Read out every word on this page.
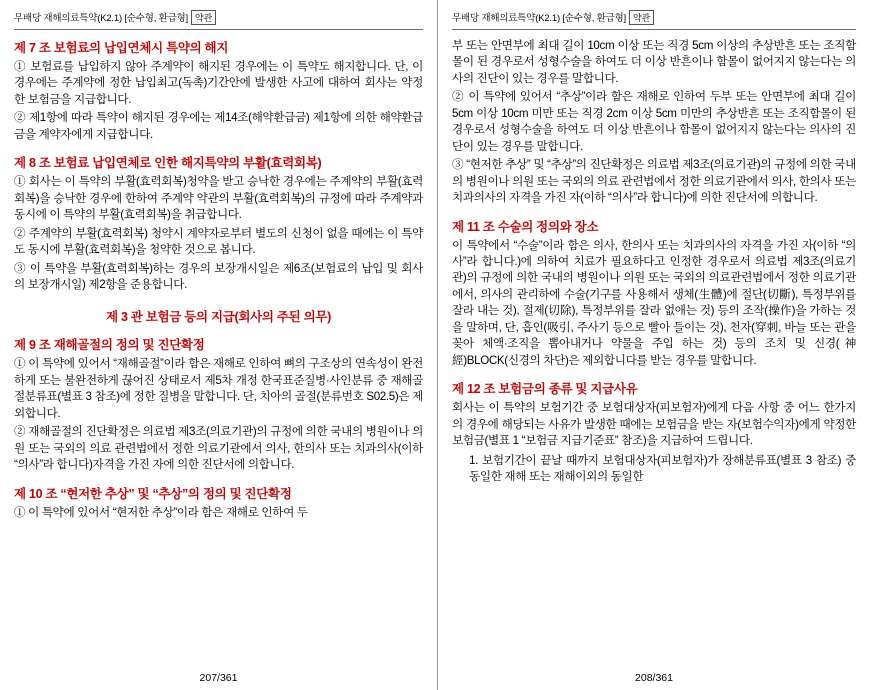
무배당 재해의료특약(K2.1) [순수형, 환급형] 약관
제 7 조 보험료의 납입연체시 특약의 해지

① 보험료를 납입하지 않아 주계약이 해지된 경우에는 이 특약도 해지합니다. 단, 이 경우에는 주계약에 정한 납입최고(독촉)기간안에 발생한 사고에 대하여 회사는 약정한 보험금을 지급합니다.

② 제1항에 따라 특약이 해지된 경우에는 제14조(해약환급금) 제1항에 의한 해약환급금을 계약자에게 지급합니다.

제 8 조 보험료 납입연체로 인한 해지특약의 부활(효력회복)

① 회사는 이 특약의 부활(효력회복)청약을 받고 승낙한 경우에는 주계약의 부활(효력회복)을 승낙한 경우에 한하여 주계약 약관의 부활(효력회복)의 규정에 따라 주계약과 동시에 이 특약의 부활(효력회복)을 취급합니다.

② 주계약의 부활(효력회복) 청약시 계약자로부터 별도의 신청이 없을 때에는 이 특약도 동시에 부활(효력회복)을 청약한 것으로 봅니다.

③ 이 특약을 부활(효력회복)하는 경우의 보장개시일은 제6조(보험료의 납입 및 회사의 보장개시일) 제2항을 준용합니다.

제 3 관 보험금 등의 지급(회사의 주된 의무)
제 9 조 재해골절의 정의 및 진단확정

① 이 특약에 있어서 “재해골절”이라 함은 재해로 인하여 뼈의 구조상의 연속성이 완전하게 또는 불완전하게 끊어진 상태로서 제5차 개정 한국표준질병·사인분류 중 재해골절분류표(별표 3 참조)에 정한 질병을 말합니다. 단, 치아의 골절(분류번호 S02.5)은 제외합니다.

② 재해골절의 진단확정은 의료법 제3조(의료기관)의 규정에 의한 국내의 병원이나 의원 또는 국외의 의료 관련법에서 정한 의료기관에서 의사, 한의사 또는 치과의사(이하 “의사”라 합니다)자격을 가진 자에 의한 진단서에 의합니다.

제 10 조 “현저한 추상” 및 “추상”의 정의 및 진단확정

① 이 특약에 있어서 “현저한 추상”이라 함은 재해로 인하여 두

207/361
무배당 재해의료특약(K2.1) [순수형, 환급형] 약관

부 또는 안면부에 최대 길이 10cm 이상 또는 직경 5cm 이상의 추상반흔 또는 조직함몰이 된 경우로서 성형수술을 하여도 더 이상 반흔이나 함몰이 없어지지 않는다는 의사의 진단이 있는 경우를 말합니다.

② 이 특약에 있어서 “추상”이라 함은 재해로 인하여 두부 또는 안면부에 최대 길이 5cm 이상 10cm 미만 또는 직경 2cm 이상 5cm 미만의 추상반흔 또는 조직함몰이 된 경우로서 성형수술을 하여도 더 이상 반흔이나 함몰이 없어지지 않는다는 의사의 진단이 있는 경우를 말합니다.

③ “현저한 추상” 및 “추상”의 진단확정은 의료법 제3조(의료기관)의 규정에 의한 국내의 병원이나 의원 또는 국외의 의료 관련법에서 정한 의료기관에서 의사, 한의사 또는 치과의사의 자격을 가진 자(이하 “의사”라 합니다)에 의한 진단서에 의합니다.

제 11 조 수술의 정의와 장소

이 특약에서 “수술”이라 함은 의사, 한의사 또는 치과의사의 자격을 가진 자(이하 “의사”라 합니다.)에 의하여 치료가 필요하다고 인정한 경우로서 의료법 제3조(의료기관)의 규정에 의한 국내의 병원이나 의원 또는 국외의 의료관련법에서 정한 의료기관에서, 의사의 관리하에 수술(기구를 사용해서 생체(生體)에 절단(切斷), 특정부위를 잘라 내는 것), 절제(切除), 특정부위를 잘라 없애는 것) 등의 조작(操作)을 가하는 것을 말하며, 단, 흡인(吸引, 주사기 등으로 빨아 들이는 것), 천자(穿刺, 바늘 또는 관을 꽂아 체액·조직을 뽑아내거나 약물을 주입 하는 것) 등의 조치 및 신경(神經)BLOCK(신경의 차단)은 제외합니다를 받는 경우를 말합니다.

제 12 조 보험금의 종류 및 지급사유

회사는 이 특약의 보험기간 중 보험대상자(피보험자)에게 다음 사항 중 어느 한가지의 경우에 해당되는 사유가 발생한 때에는 보험금을 받는 자(보험수익자)에게 약정한 보험금(별표 1 “보험금 지급기준표” 참조)을 지급하여 드립니다.

1. 보험기간이 끝날 때까지 보험대상자(피보험자)가 장해분류표(별표 3 참조) 중 동일한 재해 또는 재해이외의 동일한

208/361
